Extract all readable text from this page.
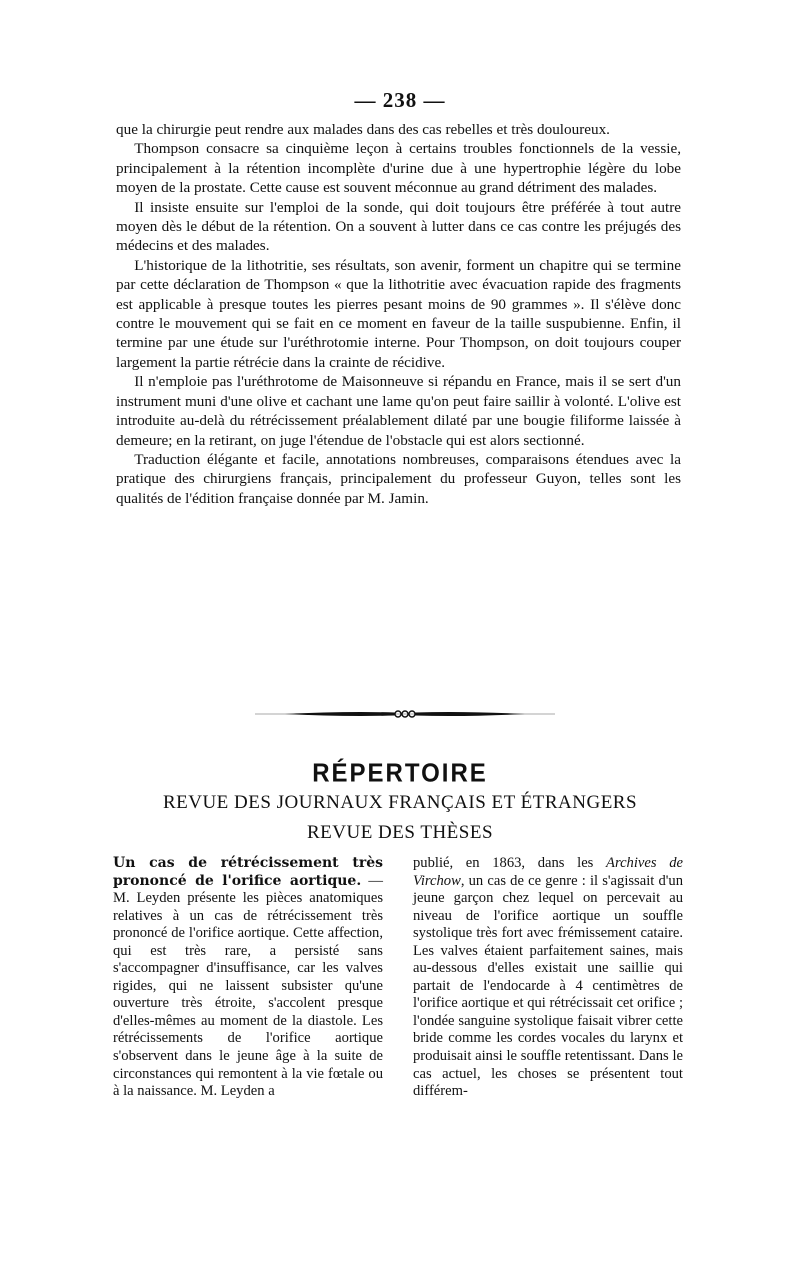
— 238 —

que la chirurgie peut rendre aux malades dans des cas rebelles et très douloureux.

Thompson consacre sa cinquième leçon à certains troubles fonctionnels de la vessie, principalement à la rétention incomplète d'urine due à une hypertrophie légère du lobe moyen de la prostate. Cette cause est souvent méconnue au grand détriment des malades.

Il insiste ensuite sur l'emploi de la sonde, qui doit toujours être préférée à tout autre moyen dès le début de la rétention. On a souvent à lutter dans ce cas contre les préjugés des médecins et des malades.

L'historique de la lithotritie, ses résultats, son avenir, forment un chapitre qui se termine par cette déclaration de Thompson « que la lithotritie avec évacuation rapide des fragments est applicable à presque toutes les pierres pesant moins de 90 grammes ». Il s'élève donc contre le mouvement qui se fait en ce moment en faveur de la taille suspubienne. Enfin, il termine par une étude sur l'uréthrotomie interne. Pour Thompson, on doit toujours couper largement la partie rétrécie dans la crainte de récidive.

Il n'emploie pas l'uréthrotome de Maisonneuve si répandu en France, mais il se sert d'un instrument muni d'une olive et cachant une lame qu'on peut faire saillir à volonté. L'olive est introduite au-delà du rétrécissement préalablement dilaté par une bougie filiforme laissée à demeure; en la retirant, on juge l'étendue de l'obstacle qui est alors sectionné.

Traduction élégante et facile, annotations nombreuses, comparaisons étendues avec la pratique des chirurgiens français, principalement du professeur Guyon, telles sont les qualités de l'édition française donnée par M. Jamin.

RÉPERTOIRE
REVUE DES JOURNAUX FRANÇAIS ET ÉTRANGERS
REVUE DES THÈSES

Un cas de rétrécissement très prononcé de l'orifice aortique. — M. Leyden présente les pièces anatomiques relatives à un cas de rétrécissement très prononcé de l'orifice aortique. Cette affection, qui est très rare, a persisté sans s'accompagner d'insuffisance, car les valves rigides, qui ne laissent subsister qu'une ouverture très étroite, s'accolent presque d'elles-mêmes au moment de la diastole. Les rétrécissements de l'orifice aortique s'observent dans le jeune âge à la suite de circonstances qui remontent à la vie fœtale ou à la naissance. M. Leyden a

publié, en 1863, dans les Archives de Virchow, un cas de ce genre : il s'agissait d'un jeune garçon chez lequel on percevait au niveau de l'orifice aortique un souffle systolique très fort avec frémissement cataire. Les valves étaient parfaitement saines, mais au-dessous d'elles existait une saillie qui partait de l'endocarde à 4 centimètres de l'orifice aortique et qui rétrécissait cet orifice ; l'ondée sanguine systolique faisait vibrer cette bride comme les cordes vocales du larynx et produisait ainsi le souffle retentissant. Dans le cas actuel, les choses se présentent tout différem-
